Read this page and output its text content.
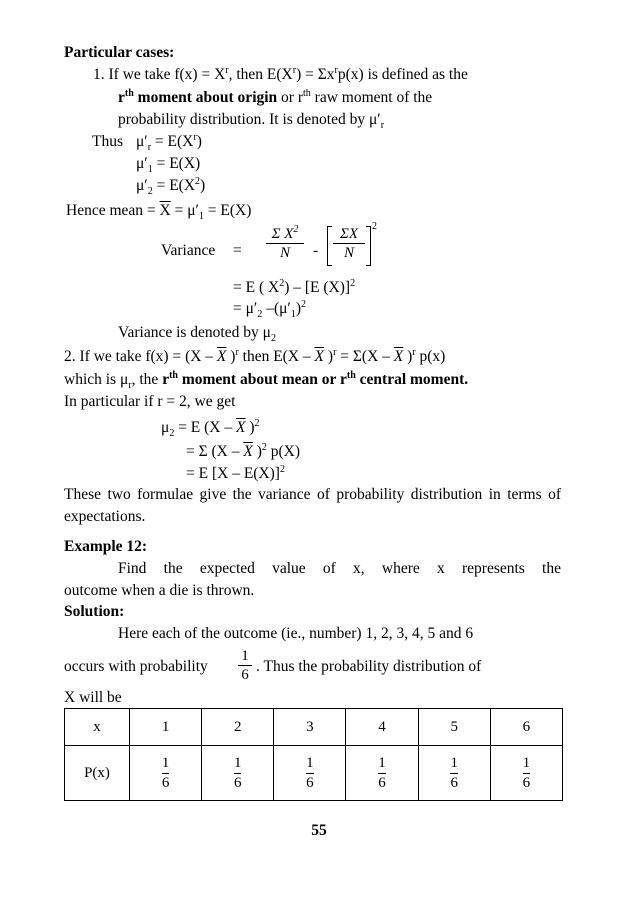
Particular cases:
1. If we take $f(x) = X^r$, then $E(X^r) = \Sigma x^rp(x)$ is defined as the
$r^{th}$ moment about origin or $r^{th}$ raw moment of the
probability distribution. It is denoted by $\mu'_r$
Thus $\mu'_r = E(X^r)$
$\mu'_1 = E(X)$
$\mu'_2 = E(X^2)$
Hence mean = $\overline{X} = \mu'_1 = E(X)$
Variance = $\frac{\Sigma X^2}{N} - \frac{\Sigma X}{N} ^2$
= E ( $X^2) - [E$ (X)]$^2$
= $\mu'_2$ $-(\mu'_1)^2$
Variance is denoted by $\mu_2$
2. If we take $f(x) = (X - \overline{X}$ )$^r$ then $E(X - \overline{X}$ )$^r = \Sigma(X - \overline{X}$ )$^r$ p(x)
which is $\mu_r$, the $r^{th}$ moment about mean or $r^{th}$ central moment.
In particular if r = 2, we get
$\mu_2 = E$ ($X - \overline{X}$ )$^2$
= Σ ($X - \overline{X}$ )$^2$ p(X)
= E [X – E(X)]$^2$
These two formulae give the variance of probability distribution in terms of expectations.
Example 12:
Find the expected value of x, where x represents the
outcome when a die is thrown.
Solution:
Here each of the outcome (ie., number) 1, 2, 3, 4, 5 and 6
occurs with probability $\frac{1}{6}$ . Thus the probability distribution of
X will be
x	1	2	3	4	5	6
P(x)	$\frac{1}{6}$	$\frac{1}{6}$	$\frac{1}{6}$	$\frac{1}{6}$	$\frac{1}{6}$	$\frac{1}{6}$
55
